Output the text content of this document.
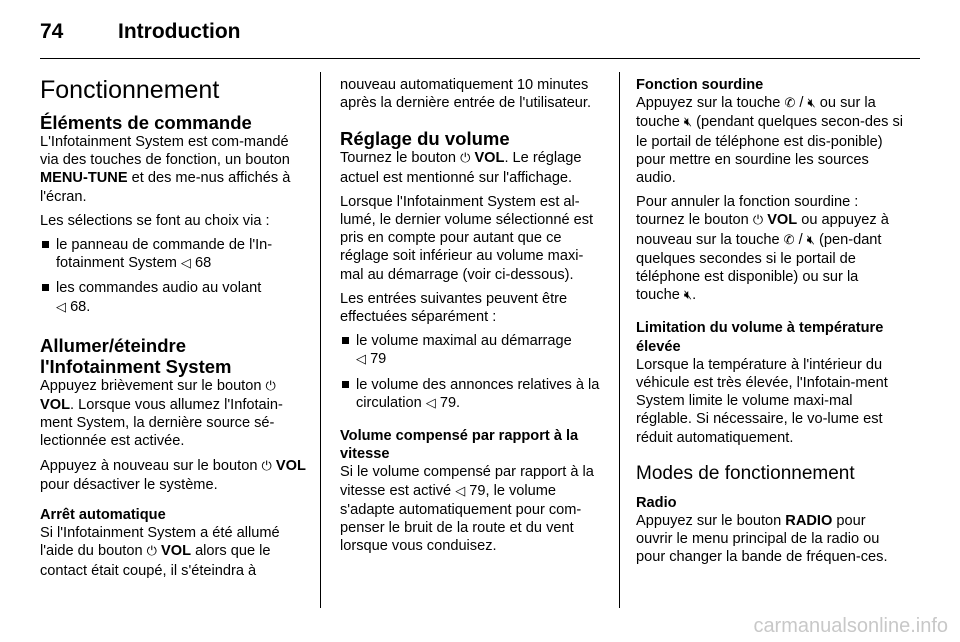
74	Introduction
Fonctionnement
Éléments de commande

L'Infotainment System est com-mandé via des touches de fonction, un bouton MENU-TUNE et des me-nus affichés à l'écran.

Les sélections se font au choix via :

le panneau de commande de l'In-fotainment System ◁ 68
les commandes audio au volant
◁ 68.
Allumer/éteindre l'Infotainment System

Appuyez brièvement sur le bouton ⏻ VOL. Lorsque vous allumez l'Infotain-ment System, la dernière source sé-lectionnée est activée.

Appuyez à nouveau sur le bouton ⏻ VOL pour désactiver le système.

Arrêt automatique

Si l'Infotainment System a été allumé l'aide du bouton ⏻ VOL alors que le contact était coupé, il s'éteindra à

nouveau automatiquement 10 minutes après la dernière entrée de l'utilisateur.

Réglage du volume

Tournez le bouton ⏻ VOL. Le réglage actuel est mentionné sur l'affichage.

Lorsque l'Infotainment System est al-lumé, le dernier volume sélectionné est pris en compte pour autant que ce réglage soit inférieur au volume maxi-mal au démarrage (voir ci-dessous).

Les entrées suivantes peuvent être effectuées séparément :

le volume maximal au démarrage
◁ 79
le volume des annonces relatives à la circulation ◁ 79.
Volume compensé par rapport à la vitesse

Si le volume compensé par rapport à la vitesse est activé ◁ 79, le volume s'adapte automatiquement pour com-penser le bruit de la route et du vent lorsque vous conduisez.

Fonction sourdine

Appuyez sur la touche ✆ / 🔇︎ ou sur la touche 🔇︎ (pendant quelques secon-des si le portail de téléphone est dis-ponible) pour mettre en sourdine les sources audio.

Pour annuler la fonction sourdine : tournez le bouton ⏻ VOL ou appuyez à nouveau sur la touche ✆ / 🔇︎ (pen-dant quelques secondes si le portail de téléphone est disponible) ou sur la touche 🔇︎.

Limitation du volume à température élevée

Lorsque la température à l'intérieur du véhicule est très élevée, l'Infotain-ment System limite le volume maxi-mal réglable. Si nécessaire, le vo-lume est réduit automatiquement.

Modes de fonctionnement
Radio

Appuyez sur le bouton RADIO pour ouvrir le menu principal de la radio ou pour changer la bande de fréquen-ces.

carmanualsonline.info
